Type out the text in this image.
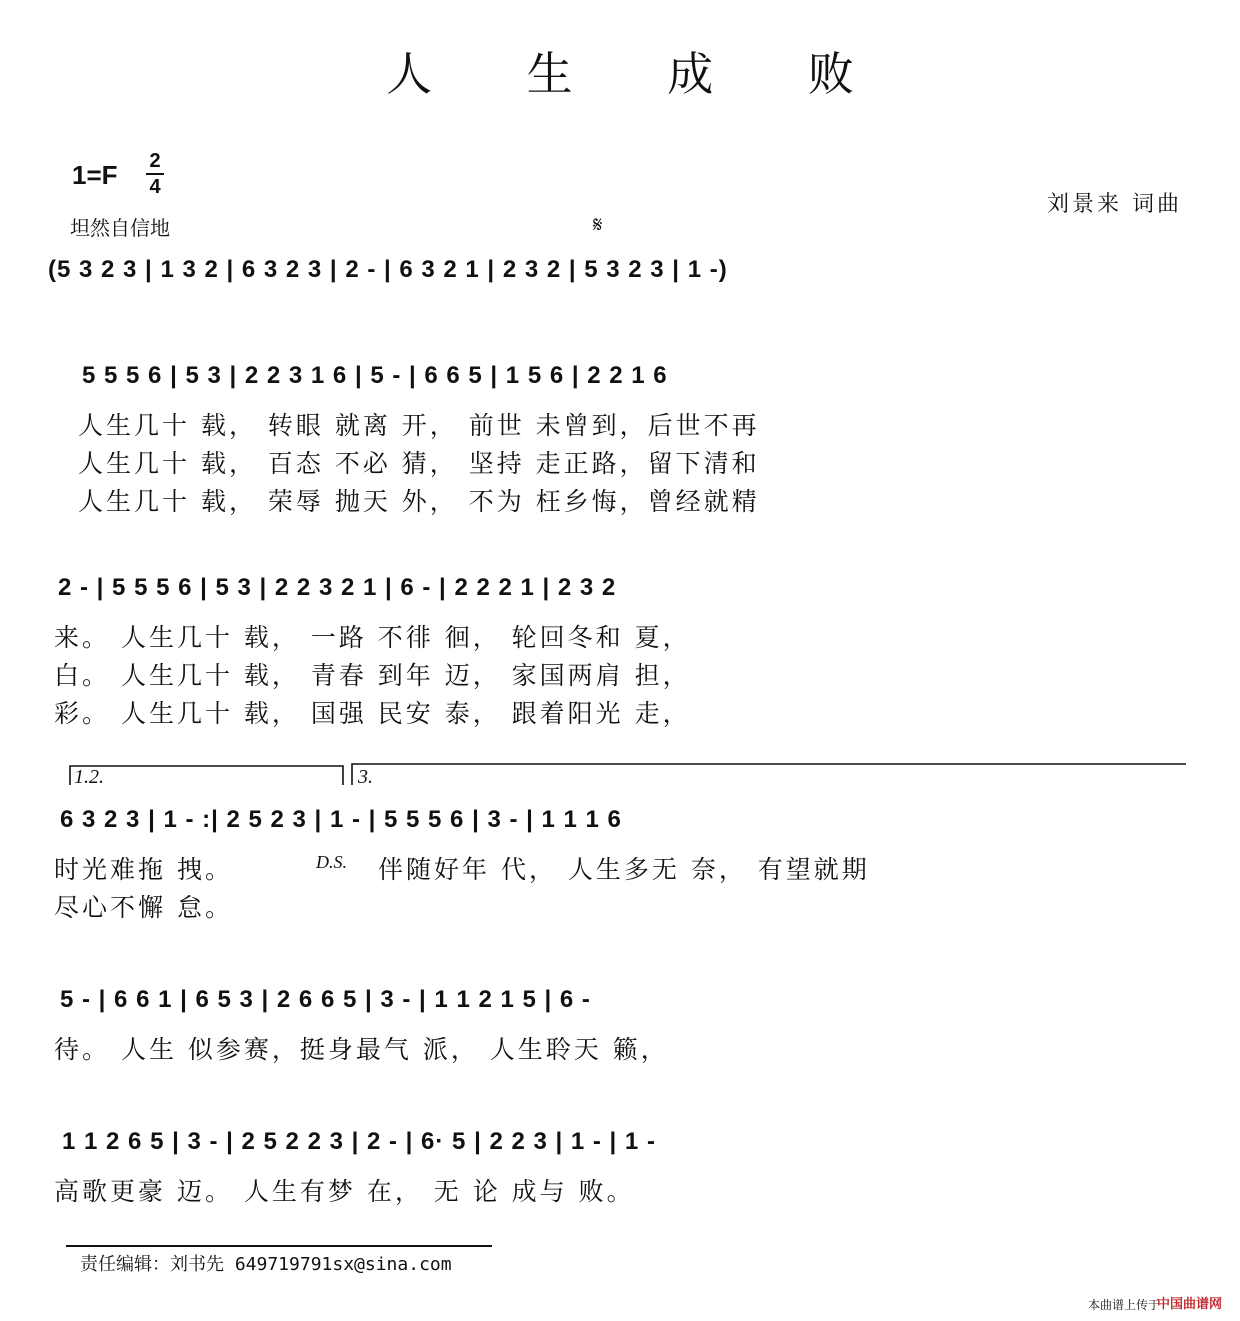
人 生 成 败
1=F 2
4
坦然自信地
刘景来 词曲
𝄋
(5 3 2 3 | 1 3 2 | 6 3 2 3 | 2 - | 6 3 2 1 | 2 3 2 | 5 3 2 3 | 1 -)
5 5 5 6 | 5 3 | 2 2 3 1 6 | 5 - | 6 6 5 | 1 5 6 | 2 2 1 6
人生几十 载， 转眼 就离 开， 前世 未曾到，后世不再
人生几十 载， 百态 不必 猜， 坚持 走正路，留下清和
人生几十 载， 荣辱 抛天 外， 不为 枉乡悔，曾经就精
2 - | 5 5 5 6 | 5 3 | 2 2 3 2 1 | 6 - | 2 2 2 1 | 2 3 2
来。 人生几十 载， 一路 不徘 徊， 轮回冬和 夏，
白。 人生几十 载， 青春 到年 迈， 家国两肩 担，
彩。 人生几十 载， 国强 民安 泰， 跟着阳光 走，
1.2.	3.
6 3 2 3 | 1 - :| 2 5 2 3 | 1 - | 5 5 5 6 | 3 - | 1 1 1 6
时光难拖 拽。	D.S. 伴随好年 代， 人生多无 奈， 有望就期
尽心不懈 怠。
5 - | 6 6 1 | 6 5 3 | 2 6 6 5 | 3 - | 1 1 2 1 5 | 6 -
待。 人生 似参赛，挺身最气 派， 人生聆天 籁，
1 1 2 6 5 | 3 - | 2 5 2 2 3 | 2 - | 6· 5 | 2 2 3 | 1 - | 1 -
高歌更豪 迈。 人生有梦 在， 无 论 成与 败。
责任编辑：刘书先 649719791sx@sina.com
本曲谱上传于
中国曲谱网
